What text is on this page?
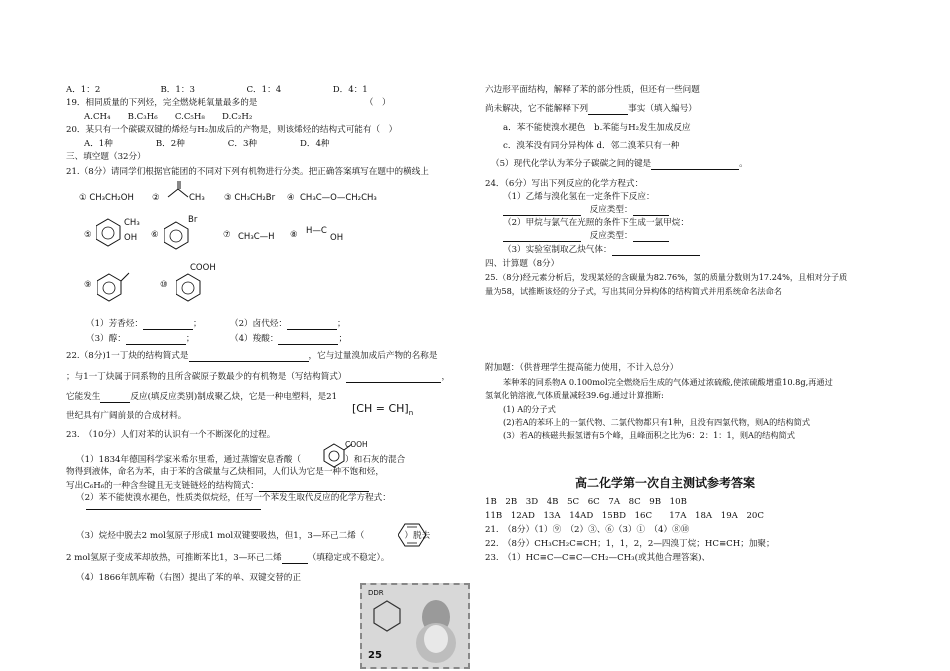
A．1：2　　　　　　　B．1：3　　　　　　C．1：4　　　　　　D．4：1
19．相同质量的下列烃，完全燃烧耗氧量最多的是　　　　　　　　　　　　　（　）
A.CH₄　　B.C₃H₆　　C.C₅H₈　　D.C₂H₂
20．某只有一个碳碳双键的烯烃与H₂加成后的产物是，则该烯烃的结构式可能有（　）
A．1种　　　　　B．2种　　　　　C．3种　　　　　D．4种
三、填空题（32分）
21.（8分）请同学们根据官能团的不同对下列有机物进行分类。把正确答案填写在题中的横线上
① CH₃CH₂OH ②	CH₃ ③ CH₃CH₂Br ④ CH₃C—O—CH₂CH₃
⑤
CH₃
OH ⑥
Br
⑦ CH₃C—H ⑧ H—C
OH
⑨	⑩
COOH
（1）芳香烃：	；	（2）卤代烃：	；
（3）醇：	；	（4）羧酸：	；
22.（8分)1一丁炔的结构简式是	，它与过量溴加成后产物的名称是
；与1一丁炔属于同系物的且所含碳原子数最少的有机物是（写结构简式）	，
它能发生	反应(填反应类别)制成聚乙炔，它是一种电塑料，是21
世纪具有广阔前景的合成材料。
$[CH = CH]_n$
23.　（10分）人们对苯的认识有一个不断深化的过程。
（1）1834年德国科学家米希尔里希，通过蒸馏安息香酸（	）和石灰的混合
COOH
物得到液体，命名为苯，由于苯的含碳量与乙炔相同，人们认为它是一种不饱和烃，
写出C₆H₆的一种含叁键且无支链链烃的结构简式：
（2）苯不能使溴水褪色，性质类似烷烃，任写一个苯发生取代反应的化学方程式：
（3）烷烃中脱去2 mol氢原子形成1 mol双键要吸热，但1，3—环己二烯（	）脱去
2 mol氢原子变成苯却放热，可推断苯比1，3—环己二烯	（填稳定或不稳定）。
（4）1866年凯库勒（右图）提出了苯的单、双键交替的正
DDR
25
六边形平面结构，解释了苯的部分性质，但还有一些问题
尚未解决，它不能解释下列	事实（填入编号）
a．苯不能使溴水褪色　b.苯能与H₂发生加成反应
c．溴苯没有同分异构体 d．邻二溴苯只有一种
（5）现代化学认为苯分子碳碳之间的键是	。
24．（6分）写出下列反应的化学方程式：
（1）乙烯与溴化氢在一定条件下反应：
　反应类型：
（2）甲烷与氯气在光照的条件下生成一氯甲烷：
　反应类型：
（3）实验室制取乙炔气体：
四、计算题（8分）
25.（8分)经元素分析后，发现某烃的含碳量为82.76%，氢的质量分数则为17.24%，且相对分子质
量为58，试推断该烃的分子式，写出其同分异构体的结构简式并用系统命名法命名
附加题：（供普理学生提高能力使用，不计入总分）
苯种苯的同系物A 0.100mol完全燃烧后生成的气体通过浓硫酸,使浓硫酸增重10.8g,再通过
氢氧化钠溶液,气体质量减轻39.6g.通过计算推断:
(1) A的分子式
(2)若A的苯环上的一氯代物、二氯代物都只有1种，且没有四氯代物，则A的结构简式
(3）若A的核磁共振氢谱有5个峰，且峰面积之比为6：2：1：1，则A的结构简式
高二化学第一次自主测试参考答案
1B　2B　3D　4B　5C　6C　7A　8C　9B　10B
11B　12AD　13A　14AD　15BD　16C　　17A　18A　19A　20C
21.　（8分）（1）⑨　（2）③、⑥（3）①　（4）⑧⑩
22.　（8分）CH₃CH₂C≡CH；1，1，2，2—四溴丁烷；HC≡CH；加聚；
23.　（1）HC≡C—C≡C—CH₂—CH₃(或其他合理答案)、
